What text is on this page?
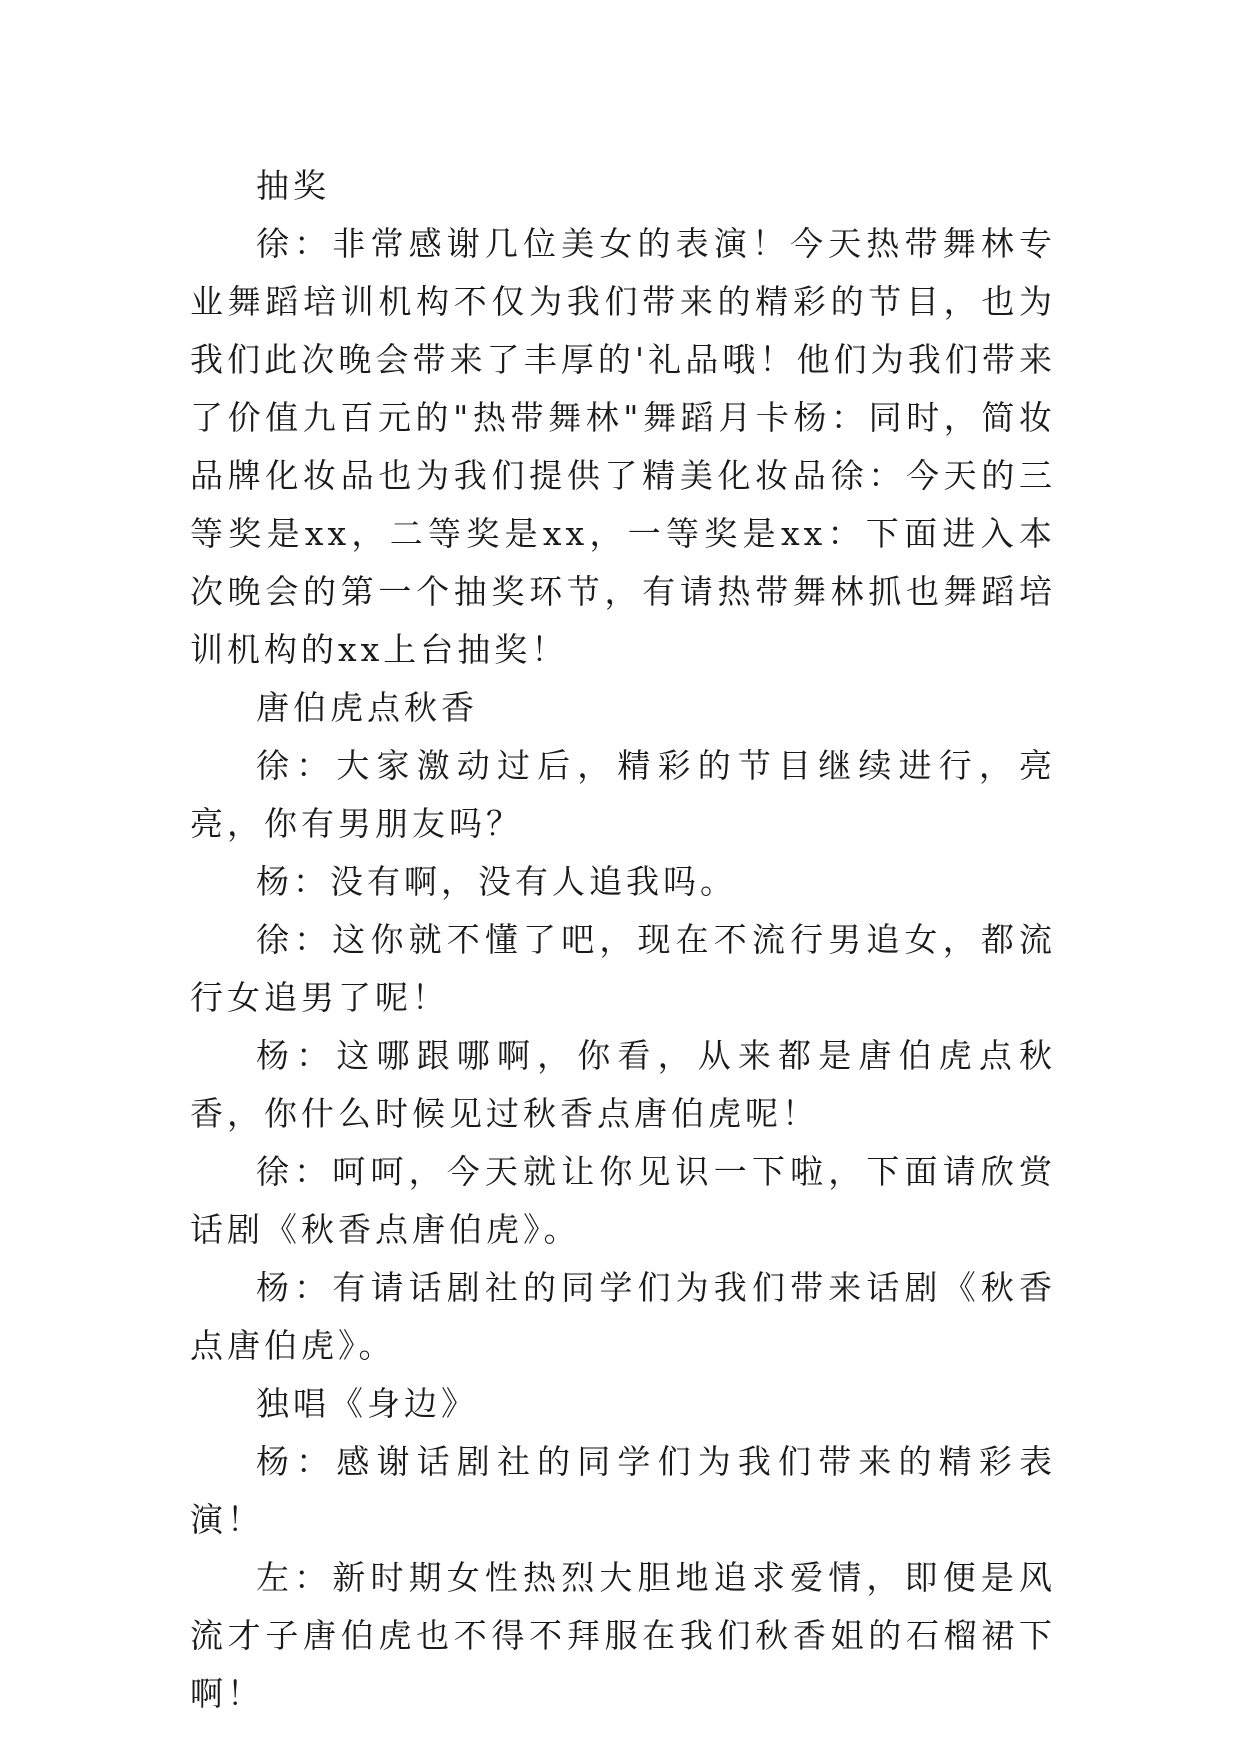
抽奖

徐：非常感谢几位美女的表演！今天热带舞林专业舞蹈培训机构不仅为我们带来的精彩的节目，也为我们此次晚会带来了丰厚的'礼品哦！他们为我们带来了价值九百元的"热带舞林"舞蹈月卡杨：同时，简妆品牌化妆品也为我们提供了精美化妆品徐：今天的三等奖是xx，二等奖是xx，一等奖是xx：下面进入本次晚会的第一个抽奖环节，有请热带舞林抓也舞蹈培训机构的xx上台抽奖！

唐伯虎点秋香

徐：大家激动过后，精彩的节目继续进行，亮亮，你有男朋友吗？

杨：没有啊，没有人追我吗。

徐：这你就不懂了吧，现在不流行男追女，都流行女追男了呢！

杨：这哪跟哪啊，你看，从来都是唐伯虎点秋香，你什么时候见过秋香点唐伯虎呢！

徐：呵呵，今天就让你见识一下啦，下面请欣赏话剧《秋香点唐伯虎》。

杨：有请话剧社的同学们为我们带来话剧《秋香点唐伯虎》。

独唱《身边》

杨：感谢话剧社的同学们为我们带来的精彩表演！

左：新时期女性热烈大胆地追求爱情，即便是风流才子唐伯虎也不得不拜服在我们秋香姐的石榴裙下啊！
